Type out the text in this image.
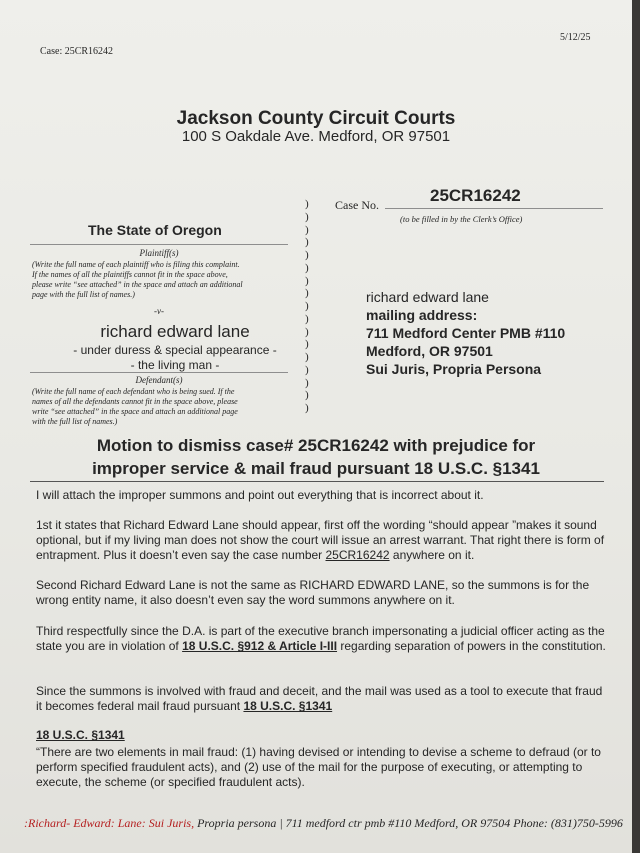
Case: 25CR16242
5/12/25
Jackson County Circuit Courts
100 S Oakdale Ave. Medford, OR 97501
The State of Oregon
Plaintiff(s)
(Write the full name of each plaintiff who is filing this complaint.
If the names of all the plaintiffs cannot fit in the space above,
please write “see attached” in the space and attach an additional
page with the full list of names.)
-v-
richard edward lane
- under duress & special appearance -
- the living man -
Defendant(s)
(Write the full name of each defendant who is being sued. If the
names of all the defendants cannot fit in the space above, please
write “see attached” in the space and attach an additional page
with the full list of names.)
)
)
)
)
)
)
)
)
)
)
)
)
)
)
)
)
)
Case No.	25CR16242
(to be filled in by the Clerk’s Office)
richard edward lane
mailing address:
711 Medford Center PMB #110
Medford, OR 97501
Sui Juris, Propria Persona
Motion to dismiss case# 25CR16242 with prejudice for
improper service & mail fraud pursuant 18 U.S.C. §1341

I will attach the improper summons and point out everything that is incorrect about it.

1st it states that Richard Edward Lane should appear, first off the wording “should appear ”makes it sound optional, but if my living man does not show the court will issue an arrest warrant. That right there is form of entrapment. Plus it doesn’t even say the case number 25CR16242 anywhere on it.

Second Richard Edward Lane is not the same as RICHARD EDWARD LANE, so the summons is for the wrong entity name, it also doesn’t even say the word summons anywhere on it.

Third respectfully since the D.A. is part of the executive branch impersonating a judicial officer acting as the state you are in violation of 18 U.S.C. §912 & Article I-III regarding separation of powers in the constitution.

Since the summons is involved with fraud and deceit, and the mail was used as a tool to execute that fraud it becomes federal mail fraud pursuant 18 U.S.C. §1341

18 U.S.C. §1341

“There are two elements in mail fraud: (1) having devised or intending to devise a scheme to defraud (or to perform specified fraudulent acts), and (2) use of the mail for the purpose of executing, or attempting to execute, the scheme (or specified fraudulent acts).

:Richard- Edward: Lane: Sui Juris, Propria persona | 711 medford ctr pmb #110 Medford, OR 97504 Phone: (831)750-5996
